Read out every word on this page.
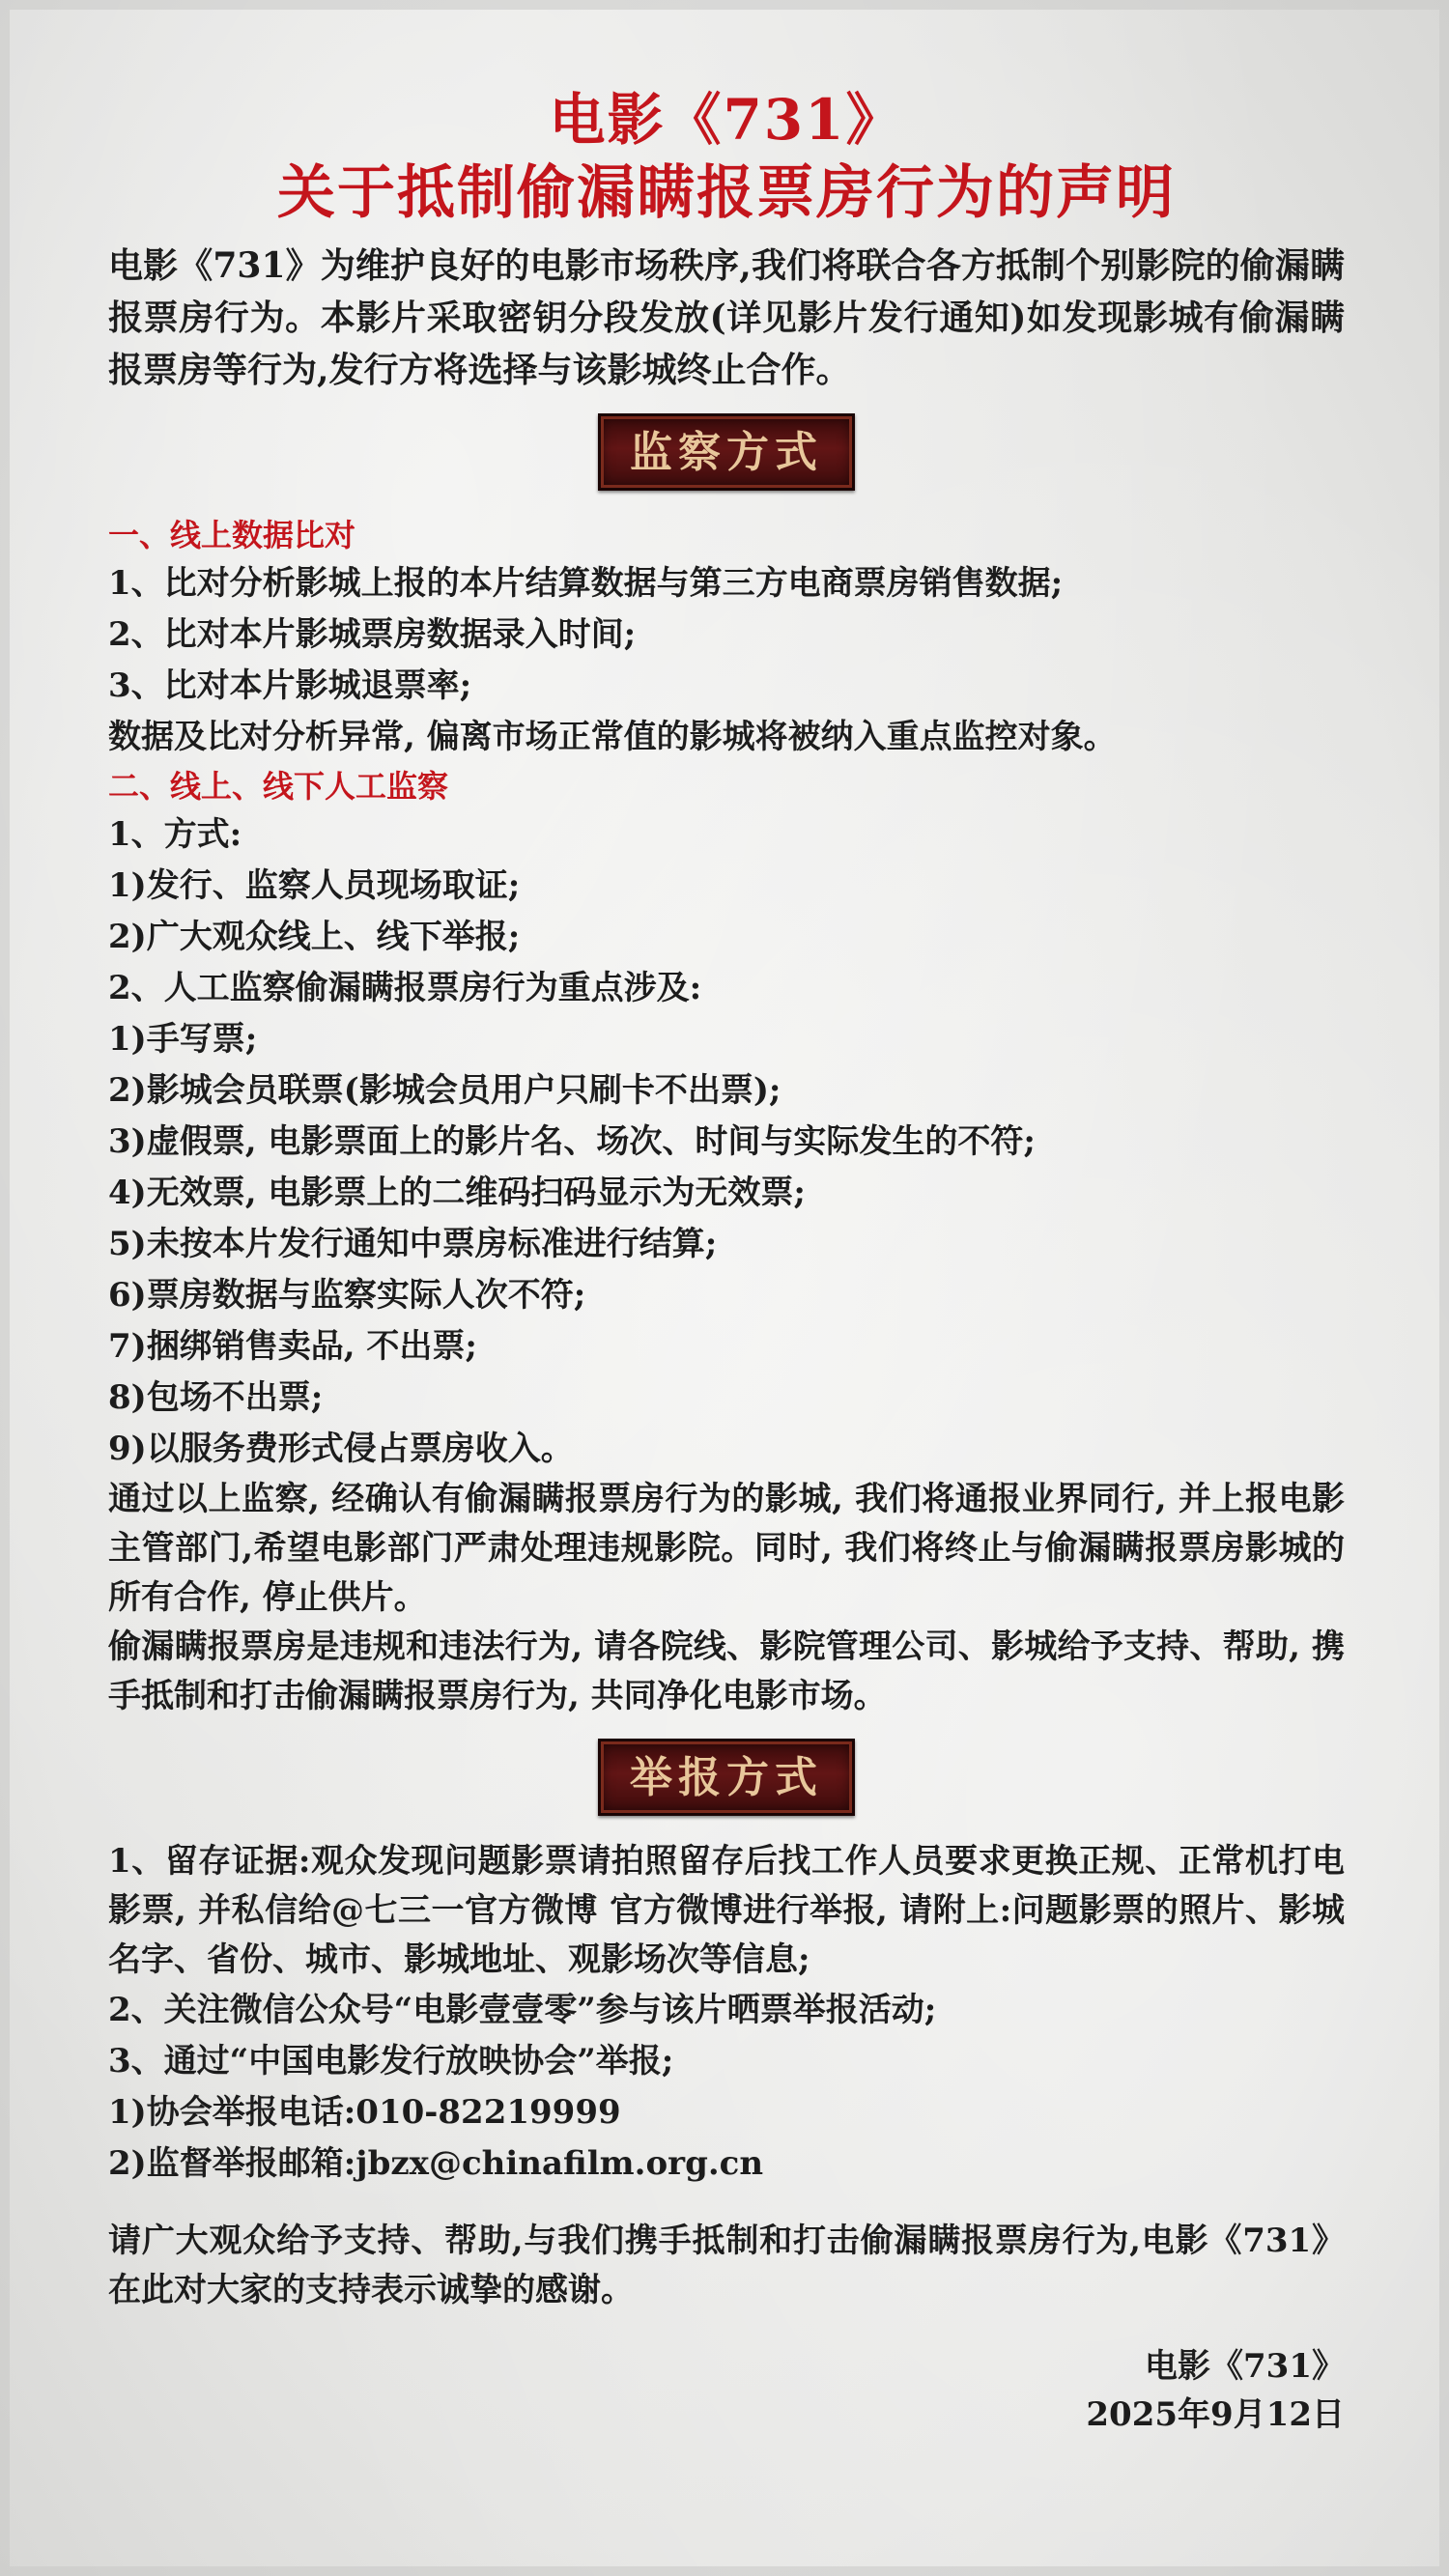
电影《731》
关于抵制偷漏瞒报票房行为的声明

电影《731》为维护良好的电影市场秩序,我们将联合各方抵制个别影院的偷漏瞒报票房行为。本影片采取密钥分段发放(详见影片发行通知)如发现影城有偷漏瞒报票房等行为,发行方将选择与该影城终止合作。

监察方式

一、线上数据比对

1、比对分析影城上报的本片结算数据与第三方电商票房销售数据;

2、比对本片影城票房数据录入时间;

3、比对本片影城退票率;

数据及比对分析异常, 偏离市场正常值的影城将被纳入重点监控对象。

二、线上、线下人工监察

1、方式:

1)发行、监察人员现场取证;

2)广大观众线上、线下举报;

2、人工监察偷漏瞒报票房行为重点涉及:

1)手写票;

2)影城会员联票(影城会员用户只刷卡不出票);

3)虚假票, 电影票面上的影片名、场次、时间与实际发生的不符;

4)无效票, 电影票上的二维码扫码显示为无效票;

5)未按本片发行通知中票房标准进行结算;

6)票房数据与监察实际人次不符;

7)捆绑销售卖品, 不出票;

8)包场不出票;

9)以服务费形式侵占票房收入。

通过以上监察, 经确认有偷漏瞒报票房行为的影城, 我们将通报业界同行, 并上报电影主管部门,希望电影部门严肃处理违规影院。同时, 我们将终止与偷漏瞒报票房影城的所有合作, 停止供片。

偷漏瞒报票房是违规和违法行为, 请各院线、影院管理公司、影城给予支持、帮助, 携手抵制和打击偷漏瞒报票房行为, 共同净化电影市场。

举报方式

1、留存证据:观众发现问题影票请拍照留存后找工作人员要求更换正规、正常机打电影票, 并私信给@七三一官方微博 官方微博进行举报, 请附上:问题影票的照片、影城名字、省份、城市、影城地址、观影场次等信息;

2、关注微信公众号“电影壹壹零”参与该片晒票举报活动;

3、通过“中国电影发行放映协会”举报;

1)协会举报电话:010-82219999

2)监督举报邮箱:jbzx@chinafilm.org.cn

请广大观众给予支持、帮助,与我们携手抵制和打击偷漏瞒报票房行为,电影《731》在此对大家的支持表示诚挚的感谢。

电影《731》

2025年9月12日
